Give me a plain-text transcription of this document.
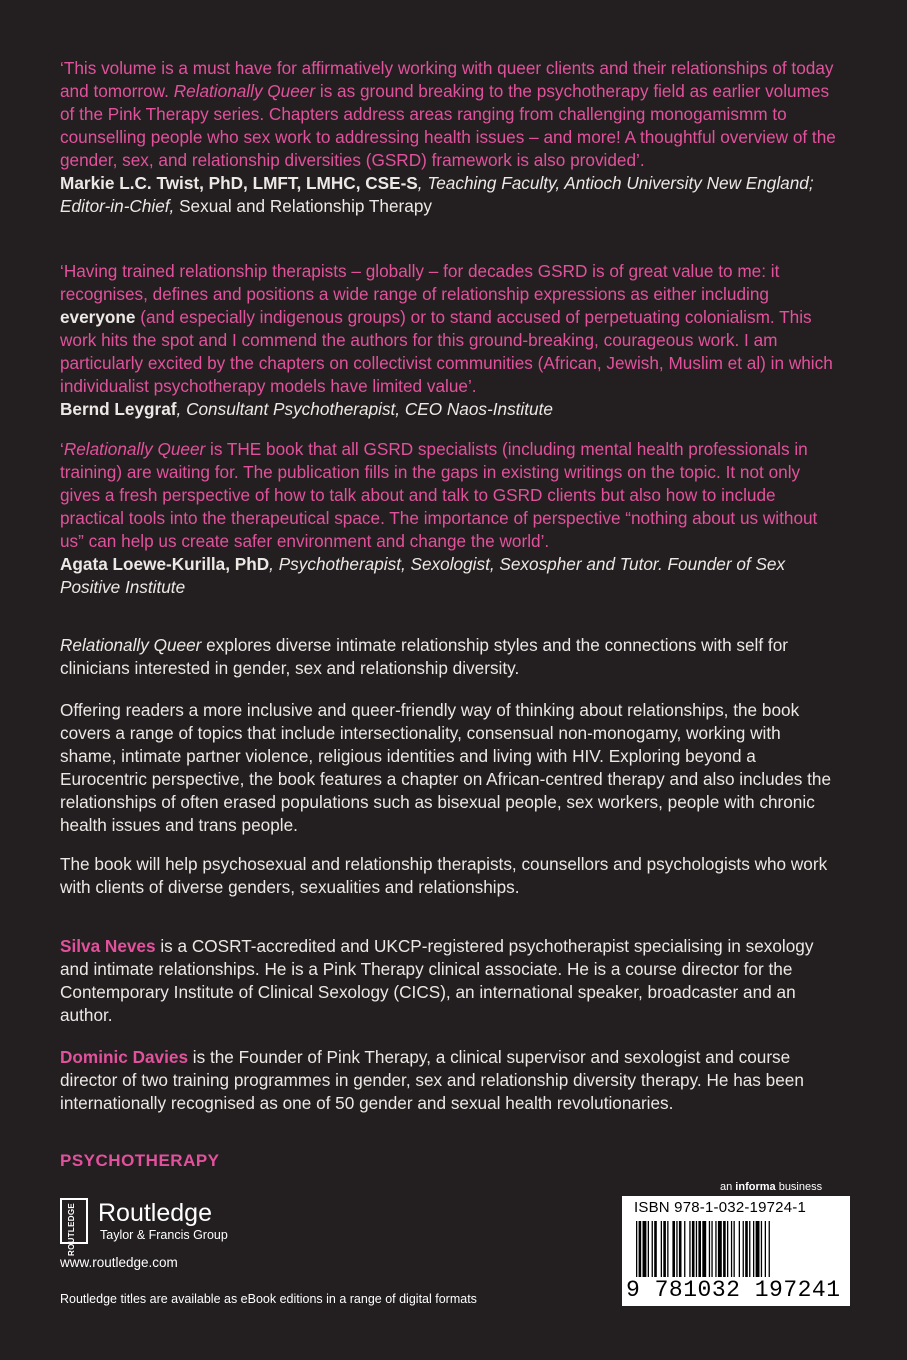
‘This volume is a must have for affirmatively working with queer clients and their relationships of today and tomorrow. Relationally Queer is as ground breaking to the psychotherapy field as earlier volumes of the Pink Therapy series. Chapters address areas ranging from challenging monogamismm to counselling people who sex work to addressing health issues – and more! A thoughtful overview of the gender, sex, and relationship diversities (GSRD) framework is also provided’.

Markie L.C. Twist, PhD, LMFT, LMHC, CSE-S, Teaching Faculty, Antioch University New England; Editor-in-Chief, Sexual and Relationship Therapy

‘Having trained relationship therapists – globally – for decades GSRD is of great value to me: it recognises, defines and positions a wide range of relationship expressions as either including everyone (and especially indigenous groups) or to stand accused of perpetuating colonialism. This work hits the spot and I commend the authors for this ground-breaking, courageous work. I am particularly excited by the chapters on collectivist communities (African, Jewish, Muslim et al) in which individualist psychotherapy models have limited value’.

Bernd Leygraf, Consultant Psychotherapist, CEO Naos-Institute

‘Relationally Queer is THE book that all GSRD specialists (including mental health professionals in training) are waiting for. The publication fills in the gaps in existing writings on the topic. It not only gives a fresh perspective of how to talk about and talk to GSRD clients but also how to include practical tools into the therapeutical space. The importance of perspective “nothing about us without us” can help us create safer environment and change the world’.

Agata Loewe-Kurilla, PhD, Psychotherapist, Sexologist, Sexospher and Tutor. Founder of Sex Positive Institute

Relationally Queer explores diverse intimate relationship styles and the connections with self for clinicians interested in gender, sex and relationship diversity.

Offering readers a more inclusive and queer-friendly way of thinking about relationships, the book covers a range of topics that include intersectionality, consensual non-monogamy, working with shame, intimate partner violence, religious identities and living with HIV. Exploring beyond a Eurocentric perspective, the book features a chapter on African-centred therapy and also includes the relationships of often erased populations such as bisexual people, sex workers, people with chronic health issues and trans people.

The book will help psychosexual and relationship therapists, counsellors and psychologists who work with clients of diverse genders, sexualities and relationships.

Silva Neves is a COSRT-accredited and UKCP-registered psychotherapist specialising in sexology and intimate relationships. He is a Pink Therapy clinical associate. He is a course director for the Contemporary Institute of Clinical Sexology (CICS), an international speaker, broadcaster and an author.

Dominic Davies is the Founder of Pink Therapy, a clinical supervisor and sexologist and course director of two training programmes in gender, sex and relationship diversity therapy. He has been internationally recognised as one of 50 gender and sexual health revolutionaries.

PSYCHOTHERAPY
ROUTLEDGE Routledge
Taylor & Francis Group
www.routledge.com
Routledge titles are available as eBook editions in a range of digital formats
an informa business
ISBN 978-1-032-19724-1
9 781032 197241
